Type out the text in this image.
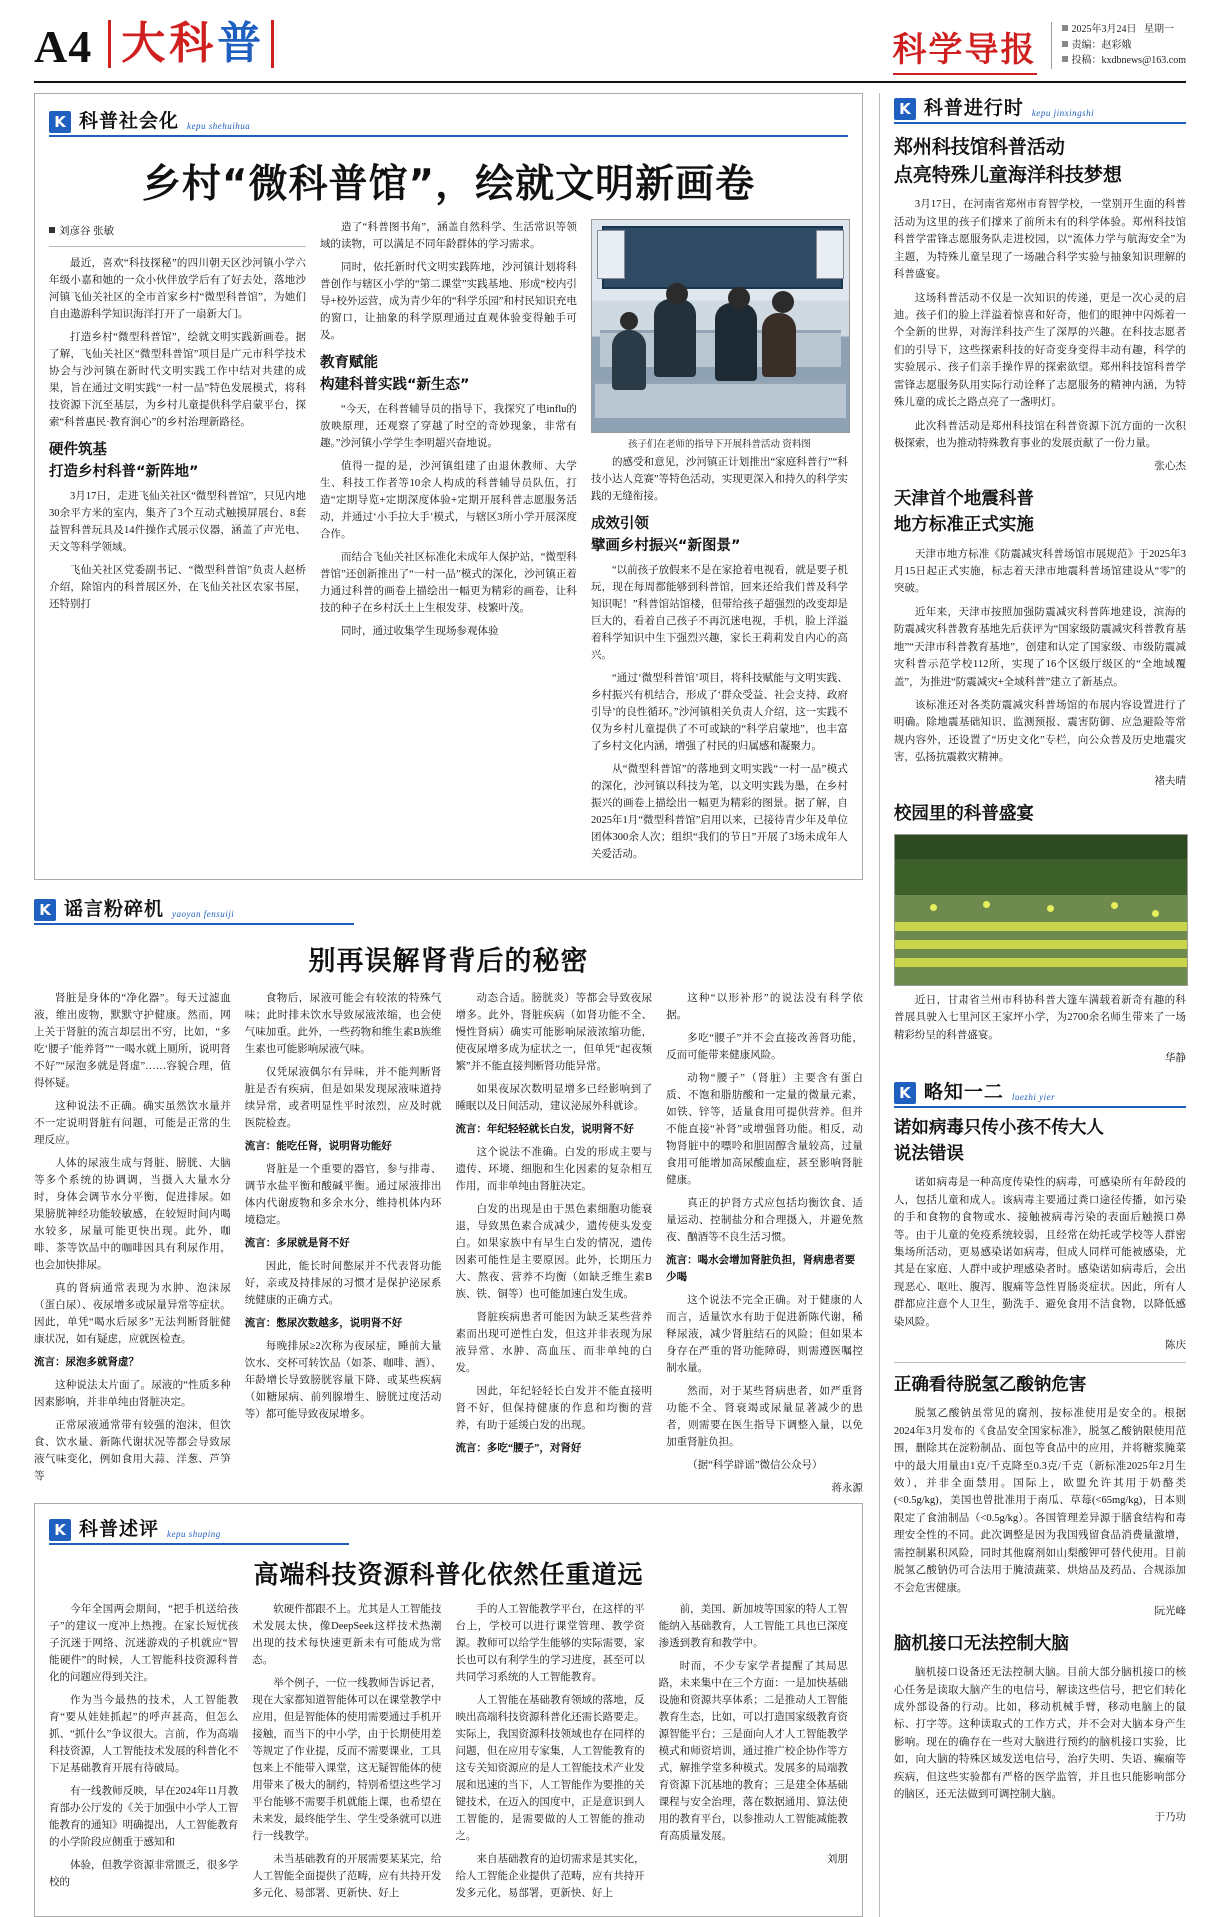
A4 大 科 普	科学导报
2025年3月24日 星期一
责编：赵彩娥
投稿：kxdbnews@163.com
K 科普社会化 kepu shehuihua
乡村“微科普馆”，绘就文明新画卷
刘彦谷 张敏

最近，喜欢“科技探秘”的四川朝天区沙河镇小学六年级小嘉和她的一众小伙伴放学后有了好去处，落地沙河镇飞仙关社区的全市首家乡村“微型科普馆”，为她们自由遨游科学知识海洋打开了一扇新大门。

打造乡村“微型科普馆”，绘就文明实践新画卷。据了解，飞仙关社区“微型科普馆”项目是广元市科学技术协会与沙河镇在新时代文明实践工作中结对共建的成果，旨在通过文明实践“一村一品”特色发展模式，将科技资源下沉至基层，为乡村儿童提供科学启蒙平台，探索“科普惠民·教育润心”的乡村治理新路径。

硬件筑基
打造乡村科普“新阵地”

3月17日，走进飞仙关社区“微型科普馆”，只见内地30余平方米的室内，集齐了3个互动式触摸屏展台、8套益智科普玩具及14件操作式展示仪器，涵盖了声光电、天文等科学领域。

飞仙关社区党委副书记、“微型科普馆”负责人赵桥介绍，除馆内的科普展区外，在飞仙关社区农家书屋，还特别打

造了“科普图书角”，涵盖自然科学、生活常识等领域的读物，可以满足不同年龄群体的学习需求。

同时，依托新时代文明实践阵地，沙河镇计划将科普创作与辖区小学的“第二课堂”实践基地、形成“校内引导+校外运营，成为青少年的“科学乐园”和村民知识充电的窗口，让抽象的科学原理通过直观体验变得触手可及。

教育赋能
构建科普实践“新生态”

“今天，在科普辅导员的指导下，我探究了电influ的放映原理，还观察了穿越了时空的奇妙现象，非常有趣。”沙河镇小学学生李明超兴奋地说。

值得一提的是，沙河镇组建了由退休教师、大学生、科技工作者等10余人构成的科普辅导员队伍，打造“定期导览+定期深度体验+定期开展科普志愿服务活动，并通过‘小手拉大手’模式，与辖区3所小学开展深度合作。

而结合飞仙关社区标准化未成年人保护站，“微型科普馆”还创新推出了“一村一品”模式的深化，沙河镇正着力通过科普的画卷上描绘出一幅更为精彩的画卷，让科技的种子在乡村沃土上生根发芽、枝繁叶茂。

同时，通过收集学生现场参观体验

孩子们在老师的指导下开展科普活动 资料图

的感受和意见，沙河镇正计划推出“家庭科普行”“科技小达人竞赛”等特色活动，实现更深入和持久的科学实践的无缝衔接。

成效引领
擘画乡村振兴“新图景”

“以前孩子放假来不是在家抢着电视看，就是要子机玩，现在每周都能够到科普馆，回来还给我们普及科学知识呢！”科普馆站馆楼，但带给孩子超强烈的改变却是巨大的，看着自己孩子不再沉迷电视，手机，脸上洋溢着科学知识中生下强烈兴趣，家长王莉莉发自内心的高兴。

“通过‘微型科普馆’项目，将科技赋能与文明实践、乡村振兴有机结合，形成了‘群众受益、社会支持、政府引导’的良性循环。”沙河镇相关负责人介绍，这一实践不仅为乡村儿童提供了不可或缺的“科学启蒙地”，也丰富了乡村文化内涵，增强了村民的归属感和凝聚力。

从“微型科普馆”的落地到文明实践“一村一品”模式的深化，沙河镇以科技为笔，以文明实践为墨，在乡村振兴的画卷上描绘出一幅更为精彩的图景。据了解，自2025年1月“微型科普馆”启用以来，已接待青少年及单位团体300余人次；组织“我们的节日”开展了3场未成年人关爱活动。

K 谣言粉碎机 yaoyan fensuiji
别再误解肾背后的秘密

肾脏是身体的“净化器”。每天过滤血液，维出废物，默默守护健康。然而，网上关于肾脏的流言却层出不穷，比如，“多吃‘腰子’能养肾”“一喝水就上厕所，说明肾不好”“尿泡多就是肾虚”……容貌合理，值得怀疑。

这种说法不正确。确实虽然饮水量并不一定说明肾脏有问题，可能是正常的生理反应。

人体的尿液生成与肾脏、膀胱、大脑等多个系统的协调调，当摄入大量水分时，身体会调节水分平衡，促进排尿。如果膀胱神经功能较敏感，在较短时间内喝水较多，尿量可能更快出现。此外，咖啡、茶等饮品中的咖啡因具有利尿作用，也会加快排尿。

真的肾病通常表现为水肿、泡沫尿（蛋白尿）、夜尿增多或尿量异常等症状。因此，单凭“喝水后尿多”无法判断肾脏健康状况，如有疑虑，应就医检查。

流言：尿泡多就肾虚？

这种说法太片面了。尿液的“性质多种因素影响，并非单纯由肾脏决定。

正常尿液通常带有较强的泡沫，但饮食、饮水量、新陈代谢状况等都会导致尿液气味变化，例如食用大蒜、洋葱、芦笋等

食物后，尿液可能会有较浓的特殊气味；此时排未饮水导致尿液浓缩，也会使气味加重。此外，一些药物和维生素B族维生素也可能影响尿液气味。

仅凭尿液偶尔有异味，并不能判断肾脏是否有疾病，但是如果发现尿液味道持续异常，或者明显性平时浓烈，应及时就医院检查。

流言：能吃任肾，说明肾功能好

肾脏是一个重要的器官，参与排毒、调节水盐平衡和酸碱平衡。通过尿液排出体内代谢废物和多余水分，维持机体内环境稳定。

流言：多尿就是肾不好

因此，能长时间憋尿并不代表肾功能好，亲或及持排尿的习惯才是保护泌尿系统健康的正确方式。

流言：憋尿次数越多，说明肾不好

每晚排尿≥2次称为夜尿症，睡前大量饮水、交杯可转饮品（如茶、咖啡、酒）、年龄增长导致膀胱容量下降、或某些疾病（如糖尿病、前列腺增生、膀胱过度活动等）都可能导致夜尿增多。

动态合适。膀胱炎）等都会导致夜尿增多。此外，肾脏疾病（如肾功能不全、慢性肾病）确实可能影响尿液浓缩功能，使夜尿增多成为症状之一，但单凭“起夜频繁”并不能直接判断肾功能异常。

如果夜尿次数明显增多已经影响到了睡眠以及日间活动，建议泌尿外科就诊。

流言：年纪轻轻就长白发，说明肾不好

这个说法不准确。白发的形成主要与遗传、环境、细胞和生化因素的复杂相互作用，而非单纯由肾脏决定。

白发的出现是由于黑色素细胞功能衰退，导致黑色素合成减少，遗传使头发变白。如果家族中有早生白发的情况，遗传因素可能性是主要原因。此外，长期压力大、熬夜、营养不均衡（如缺乏维生素B族、铁、铜等）也可能加速白发生成。

肾脏疾病患者可能因为缺乏某些营养素而出现可逆性白发，但这并非表现为尿液异常、水肿、高血压、而非单纯的白发。

因此，年纪轻轻长白发并不能直接明肾不好，但保持健康的作息和均衡的营养，有助于延缓白发的出现。

流言：多吃“腰子”，对肾好

这种“以形补形”的说法没有科学依据。

多吃“腰子”并不会直接改善肾功能，反而可能带来健康风险。

动物“腰子”（肾脏）主要含有蛋白质、不饱和脂肪酸和一定量的微量元素，如铁、锌等，适量食用可提供营养。但并不能直接“补肾”或增强肾功能。相反，动物肾脏中的嘌呤和胆固醇含量较高，过量食用可能增加高尿酸血症，甚至影响肾脏健康。

真正的护肾方式应包括均衡饮食、适量运动、控制盐分和合理摄入，并避免熬夜、酗酒等不良生活习惯。

流言：喝水会增加肾脏负担，肾病患者要少喝

这个说法不完全正确。对于健康的人而言，适量饮水有助于促进新陈代谢，稀释尿液，减少肾脏结石的风险；但如果本身存在严重的肾功能障碍，则需遵医嘱控制水量。

然而，对于某些肾病患者，如严重肾功能不全、肾衰竭或尿量显著减少的患者，则需要在医生指导下调整入量，以免加重肾脏负担。

（据“科学辟谣”微信公众号）

蒋永源
K 科普述评 kepu shuping
高端科技资源科普化依然任重道远

今年全国两会期间，“把手机送给孩子”的建议一度冲上热搜。在家长短忧孩子沉迷于网络、沉迷游戏的子机就应“智能硬件”的时候，人工智能科技资源科普化的问题应得到关注。

作为当今最热的技术，人工智能教育“要从娃娃抓起”的呼声甚高，但怎么抓、“抓什么”争议很大。言前，作为高端科技资源，人工智能技术发展的科普化不下足基础教育开展有待破局。

有一线教师反映，早在2024年11月教育部办公厅发的《关于加强中小学人工智能教育的通知》明确提出，人工智能教育的小学阶段应侧重于感知和

体验，但教学资源非常匮乏，很多学校的

软硬件都跟不上。尤其是人工智能技术发展太快，像DeepSeek这样技术热潮出现的技术每快速更新未有可能成为常态。

举个例子，一位一线教师告诉记者，现在大家都知道智能体可以在课堂教学中应用，但是智能体的使用需要通过手机开接触，而当下的中小学，由于长期使用差等规定了作业提，反而不需要课业，工具包来上不能带入课堂，这无疑智能体的使用带来了极大的制约，特别希望这些学习平台能够不需要手机就能上课，也希望在未来发，最终能学生、学生受条就可以进行一线教学。

未当基础教育的开展需要某某完，给人工智能全面提供了范畴，应有共持开发多元化、易部署、更新快、好上

手的人工智能教学平台，在这样的平台上，学校可以进行课堂管理、教学资源。教师可以给学生能够的实际需要，家长也可以有利学生的学习进度，甚至可以共同学习系统的人工智能教育。

人工智能在基础教育领域的落地，反映出高端科技资源科普化还需长路要走。实际上，我国资源科技领域也存在同样的问题，但在应用专家集，人工智能教育的这专关知资源应的是人工智能技术产业发展和迅速的当下，人工智能作为要推的关键技术，在迈入的国度中，正是意识到人工智能的，是需要做的人工智能的推动之。

来自基础教育的迫切需求是其实化，给人工智能企业提供了范畴，应有共持开发多元化，易部署，更新快、好上

前，美国、新加坡等国家的特人工智能纳入基础教育，人工智能工具也已深度渗透到教育和教学中。

时而，不少专家学者提醒了其局思路，未来集中在三个方面：一是加快基础设施和资源共享体系；二是推动人工智能教育生态，比如，可以打造国家级教育资源智能平台；三是面向人才人工智能教学模式和师资培训，通过推广校企协作等方式，解推学堂多种模式。发展多的局端教育资源下沉基地的教育；三是建全体基础课程与安全治理，落在数据通用、算法使用的教育平台，以参推动人工智能减能教育高质量发展。

刘朋
K 科普进行时 kepu jinxingshi
郑州科技馆科普活动
点亮特殊儿童海洋科技梦想

3月17日，在河南省郑州市育智学校，一堂别开生面的科普活动为这里的孩子们撑来了前所未有的科学体验。郑州科技馆科普学雷锋志愿服务队走进校园，以“流体力学与航海安全”为主题，为特殊儿童呈现了一场融合科学实验与抽象知识理解的科普盛宴。

这场科普活动不仅是一次知识的传递，更是一次心灵的启迪。孩子们的脸上洋溢着惊喜和好奇，他们的眼神中闪烁着一个全新的世界，对海洋科技产生了深厚的兴趣。在科技志愿者们的引导下，这些探索科技的好奇变身变得丰动有趣，科学的实验展示、孩子们亲手操作界的探索欲望。郑州科技馆科普学雷锋志愿服务队用实际行动诠释了志愿服务的精神内涵，为特殊儿童的成长之路点亮了一盏明灯。

此次科普活动是郑州科技馆在科普资源下沉方面的一次积极探索，也为推动特殊教育事业的发展贡献了一份力量。

张心杰
天津首个地震科普
地方标准正式实施

天津市地方标准《防震减灾科普场馆市展规范》于2025年3月15日起正式实施，标志着天津市地震科普场馆建设从“零”的突破。

近年来，天津市按照加强防震减灾科普阵地建设，滨海的防震减灾科普教育基地先后获评为“国家级防震减灾科普教育基地”“天津市科普教育基地”，创建和认定了国家级、市级防震减灾科普示范学校112所，实现了16个区级厅级区的“全地域覆盖”，为推进“防震减灾+全域科普”建立了新基点。

该标准还对各类防震减灾科普场馆的布展内容设置进行了明确。除地震基础知识、监测预报、震害防御、应急避险等常规内容外，还设置了“历史文化”专栏，向公众普及历史地震灾害，弘扬抗震救灾精神。

褚夫晴
校园里的科普盛宴

近日，甘肃省兰州市科协科普大篷车满载着新奇有趣的科普展具驶入七里河区王家坪小学，为2700余名师生带来了一场精彩纷呈的科普盛宴。

华静
K 略知一二 luezhi yier
诺如病毒只传小孩不传大人
说法错误

诺如病毒是一种高度传染性的病毒，可感染所有年龄段的人，包括儿童和成人。该病毒主要通过粪口途径传播，如污染的手和食物的食物或水、接触被病毒污染的表面后触摸口鼻等。由于儿童的免疫系统较弱，且经常在幼托或学校等人群密集场所活动，更易感染诺如病毒，但成人同样可能被感染，尤其是在家庭、人群中或护理感染者时。感染诺如病毒后，会出现恶心、呕吐、腹泻、腹痛等急性胃肠炎症状。因此，所有人群都应注意个人卫生，勤洗手、避免食用不洁食物，以降低感染风险。

陈庆
正确看待脱氢乙酸钠危害

脱氢乙酸钠虽常见的腐剂，按标准使用是安全的。根据2024年3月发布的《食品安全国家标准》，脱氢乙酸钠限使用范围，删除其在淀粉制品、面包等食品中的应用，并将糖浆腌菜中的最大用量由1克/千克降至0.3克/千克（新标准2025年2月生效），并非全面禁用。国际上，欧盟允许其用于奶酪类(<0.5g/kg)，美国也曾批准用于南瓜、草莓(<65mg/kg)，日本则限定了食油制品（<0.5g/kg）。各国管理差异源于膳食结构和毒理安全性的不同。此次调整是因为我国残留食品消费量激增，需控制累积风险，同时其他腐剂如山梨酸钾可替代使用。目前脱氢乙酸钠仍可合法用于腌渍蔬菜、烘焙品及药品、合规添加不会危害健康。

阮光峰
脑机接口无法控制大脑

脑机接口设备还无法控制大脑。目前大部分脑机接口的核心任务是读取大脑产生的电信号，解读这些信号，把它们转化成外部设备的行动。比如，移动机械手臂，移动电脑上的鼠标、打字等。这种读取式的工作方式，并不会对大脑本身产生影响。现在的确存在一些对大脑进行预约的脑机接口实验，比如，向大脑的特殊区域发送电信号，治疗失明、失语、癫痫等疾病，但这些实验都有严格的医学监管，并且也只能影响部分的脑区，还无法做到可调控制大脑。

于乃功
